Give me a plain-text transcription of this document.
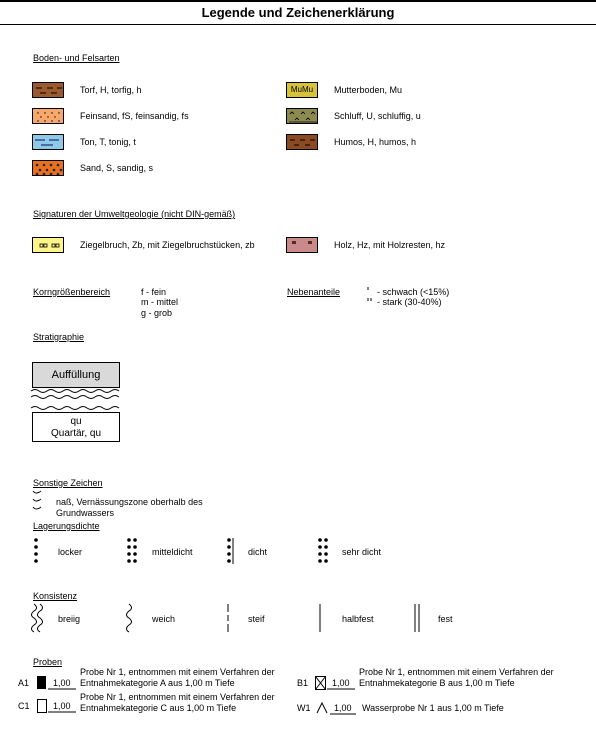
Legende und Zeichenerklärung
Boden- und Felsarten
Torf, H, torfig, h
Feinsand, fS, feinsandig, fs
Ton, T, tonig, t
Sand, S, sandig, s
MuMu	Mutterboden, Mu
Schluff, U, schluffig, u
Humos, H, humos, h
Signaturen der Umweltgeologie (nicht DIN-gemäß)
Ziegelbruch, Zb, mit Ziegelbruchstücken, zb	Holz, Hz, mit Holzresten, hz
Korngrößenbereich	f - fein
m - mittel
g - grob
Nebenanteile	- schwach (<15%)
- stark (30-40%)
Stratigraphie
Auffüllung
qu
Quartär, qu
Sonstige Zeichen
naß, Vernässungszone oberhalb des
Grundwassers
Lagerungsdichte
locker	mitteldicht	dicht	sehr dicht
Konsistenz
breiig	weich	steif	halbfest	fest
Proben
A1	1,00
Probe Nr 1, entnommen mit einem Verfahren der Entnahmekategorie A aus 1,00 m Tiefe
C1	1,00
Probe Nr 1, entnommen mit einem Verfahren der Entnahmekategorie C aus 1,00 m Tiefe
B1	1,00
Probe Nr 1, entnommen mit einem Verfahren der Entnahmekategorie B aus 1,00 m Tiefe
W1	1,00 Wasserprobe Nr 1 aus 1,00 m Tiefe
